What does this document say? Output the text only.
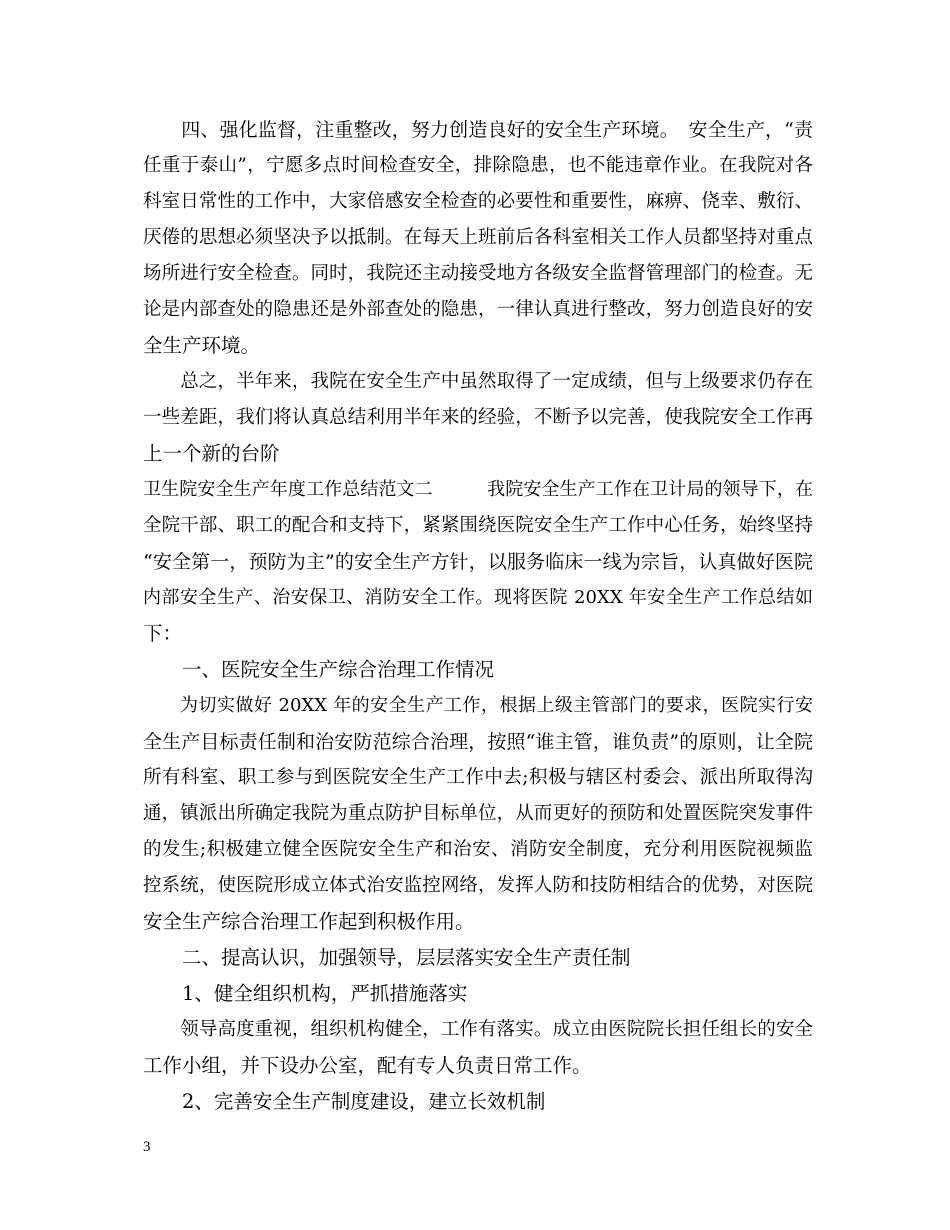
　　四、强化监督，注重整改，努力创造良好的安全生产环境。　安全生产，“责
任重于泰山”，宁愿多点时间检查安全，排除隐患，也不能违章作业。在我院对各
科室日常性的工作中，大家倍感安全检查的必要性和重要性，麻痹、侥幸、敷衍、
厌倦的思想必须坚决予以抵制。在每天上班前后各科室相关工作人员都坚持对重点
场所进行安全检查。同时，我院还主动接受地方各级安全监督管理部门的检查。无
论是内部查处的隐患还是外部查处的隐患，一律认真进行整改，努力创造良好的安
全生产环境。
　　总之，半年来，我院在安全生产中虽然取得了一定成绩，但与上级要求仍存在
一些差距，我们将认真总结利用半年来的经验，不断予以完善，使我院安全工作再
上一个新的台阶
卫生院安全生产年度工作总结范文二　　　我院安全生产工作在卫计局的领导下，在
全院干部、职工的配合和支持下，紧紧围绕医院安全生产工作中心任务，始终坚持
“安全第一，预防为主”的安全生产方针，以服务临床一线为宗旨，认真做好医院
内部安全生产、治安保卫、消防安全工作。现将医院 20XX 年安全生产工作总结如
下：
　　一、医院安全生产综合治理工作情况
　　为切实做好 20XX 年的安全生产工作，根据上级主管部门的要求，医院实行安
全生产目标责任制和治安防范综合治理，按照“谁主管，谁负责”的原则，让全院
所有科室、职工参与到医院安全生产工作中去;积极与辖区村委会、派出所取得沟
通，镇派出所确定我院为重点防护目标单位，从而更好的预防和处置医院突发事件
的发生;积极建立健全医院安全生产和治安、消防安全制度，充分利用医院视频监
控系统，使医院形成立体式治安监控网络，发挥人防和技防相结合的优势，对医院
安全生产综合治理工作起到积极作用。
　　二、提高认识，加强领导，层层落实安全生产责任制
　　1、健全组织机构，严抓措施落实
　　领导高度重视，组织机构健全，工作有落实。成立由医院院长担任组长的安全
工作小组，并下设办公室，配有专人负责日常工作。
　　2、完善安全生产制度建设，建立长效机制
3
